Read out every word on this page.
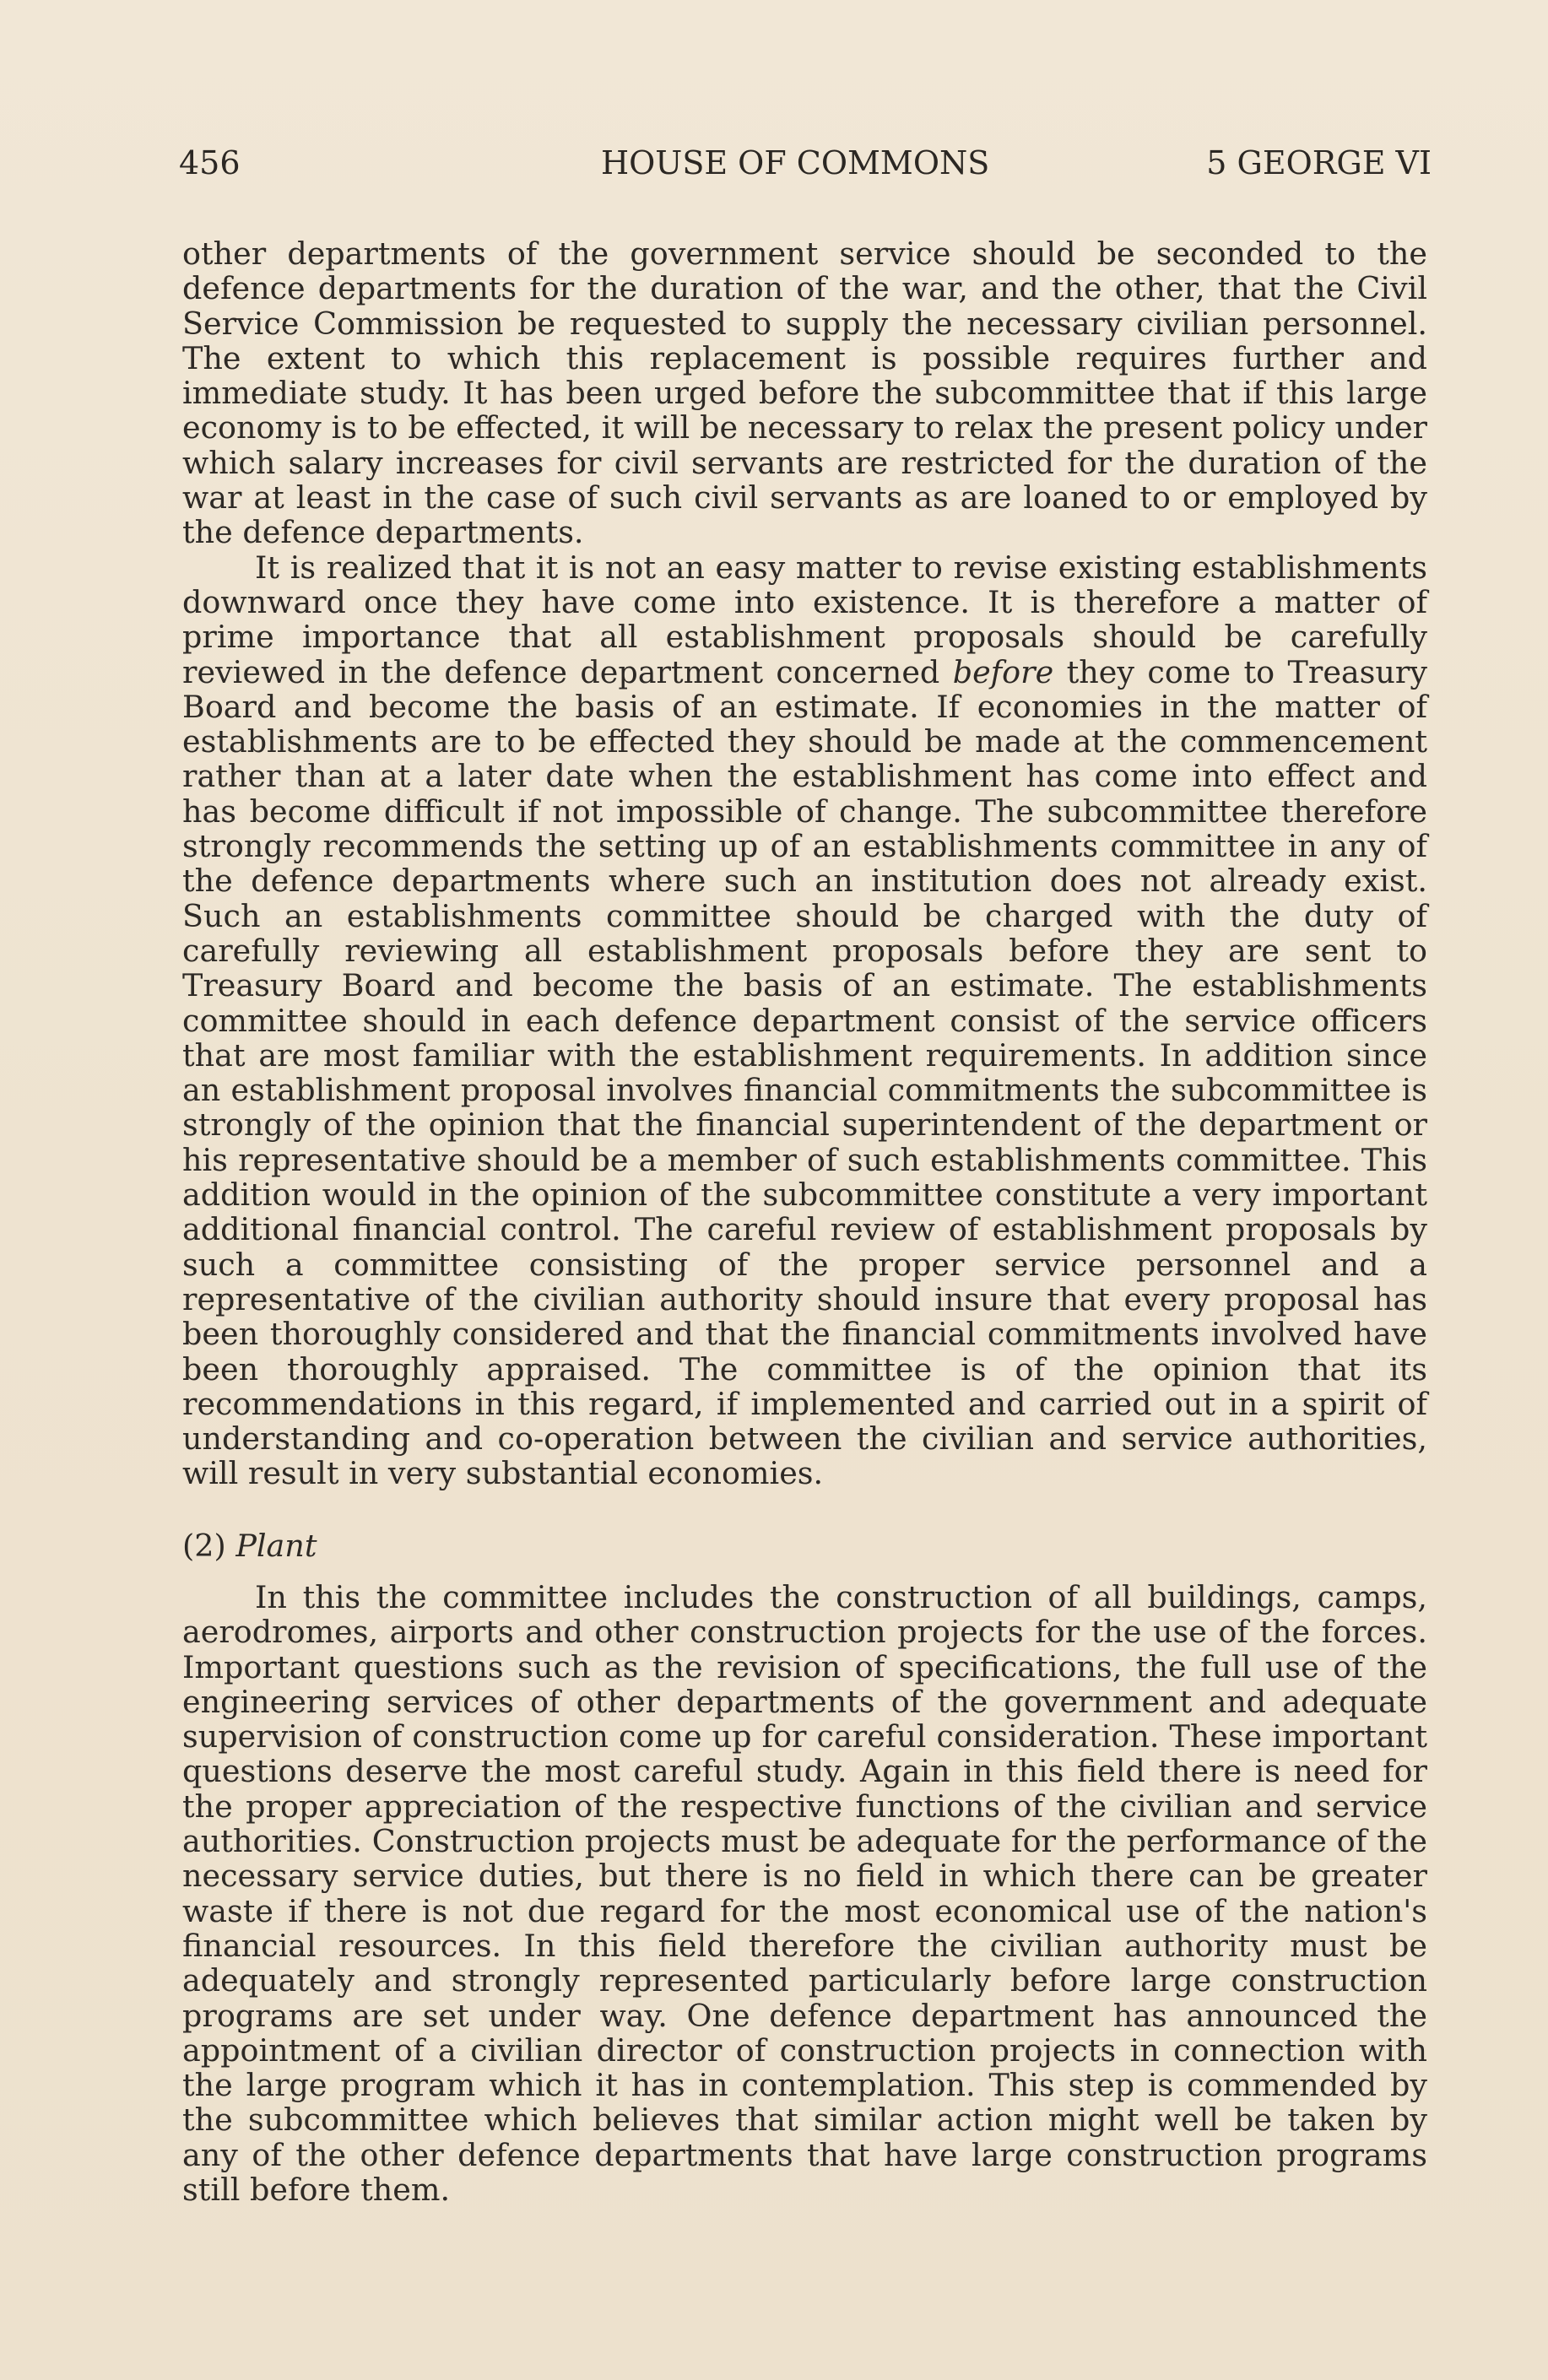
456	HOUSE OF COMMONS	5 GEORGE VI

other departments of the government service should be seconded to the defence departments for the duration of the war, and the other, that the Civil Service Commission be requested to supply the necessary civilian personnel. The extent to which this replacement is possible requires further and immediate study. It has been urged before the subcommittee that if this large economy is to be effected, it will be necessary to relax the present policy under which salary increases for civil servants are restricted for the duration of the war at least in the case of such civil servants as are loaned to or employed by the defence departments.

It is realized that it is not an easy matter to revise existing establishments downward once they have come into existence. It is therefore a matter of prime importance that all establishment proposals should be carefully reviewed in the defence department concerned before they come to Treasury Board and become the basis of an estimate. If economies in the matter of establishments are to be effected they should be made at the commencement rather than at a later date when the establishment has come into effect and has become difficult if not impossible of change. The subcommittee therefore strongly recommends the setting up of an establishments committee in any of the defence departments where such an institution does not already exist. Such an establishments committee should be charged with the duty of carefully reviewing all establishment proposals before they are sent to Treasury Board and become the basis of an estimate. The establishments committee should in each defence department consist of the service officers that are most familiar with the establishment requirements. In addition since an establishment proposal involves financial commitments the subcommittee is strongly of the opinion that the financial superintendent of the department or his representative should be a member of such establishments committee. This addition would in the opinion of the subcommittee constitute a very important additional financial control. The careful review of establishment proposals by such a committee consisting of the proper service personnel and a representative of the civilian authority should insure that every proposal has been thoroughly considered and that the financial commitments involved have been thoroughly appraised. The committee is of the opinion that its recommendations in this regard, if implemented and carried out in a spirit of understanding and co-operation between the civilian and service authorities, will result in very substantial economies.

(2) Plant

In this the committee includes the construction of all buildings, camps, aerodromes, airports and other construction projects for the use of the forces. Important questions such as the revision of specifications, the full use of the engineering services of other departments of the government and adequate supervision of construction come up for careful consideration. These important questions deserve the most careful study. Again in this field there is need for the proper appreciation of the respective functions of the civilian and service authorities. Construction projects must be adequate for the performance of the necessary service duties, but there is no field in which there can be greater waste if there is not due regard for the most economical use of the nation's financial resources. In this field therefore the civilian authority must be adequately and strongly represented particularly before large construction programs are set under way. One defence department has announced the appointment of a civilian director of construction projects in connection with the large program which it has in contemplation. This step is commended by the subcommittee which believes that similar action might well be taken by any of the other defence departments that have large construction programs still before them.
